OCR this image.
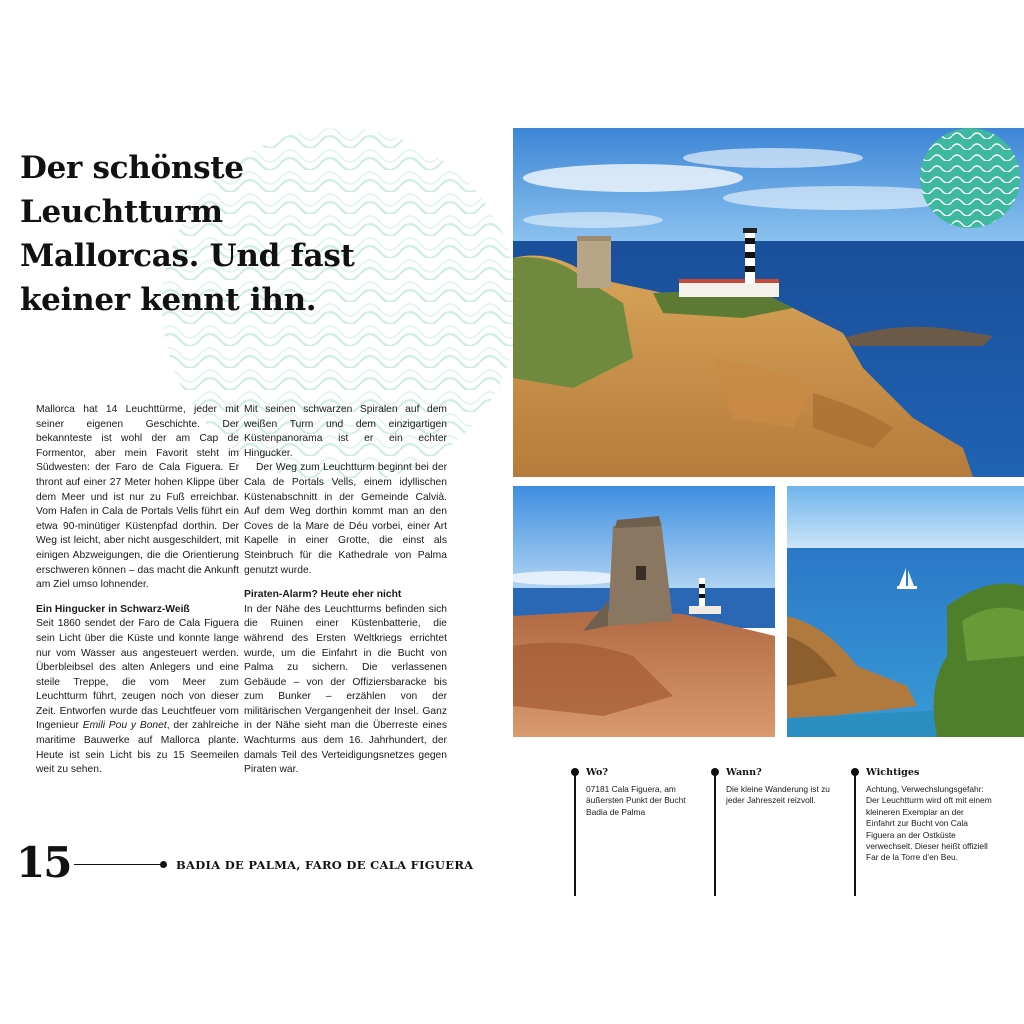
Der schönste
Leuchtturm
Mallorcas. Und fast
keiner kennt ihn.

Mallorca hat 14 Leuchttürme, jeder mit seiner eigenen Geschichte. Der bekannteste ist wohl der am Cap de Formentor, aber mein Favorit steht im Südwesten: der Faro de Cala Figuera. Er thront auf einer 27 Meter hohen Klippe über dem Meer und ist nur zu Fuß erreichbar. Vom Hafen in Cala de Portals Vells führt ein etwa 90-minütiger Küstenpfad dorthin. Der Weg ist leicht, aber nicht ausgeschildert, mit einigen Abzweigungen, die die Orientierung erschweren können – das macht die Ankunft am Ziel umso lohnender.

Ein Hingucker in Schwarz-Weiß

Seit 1860 sendet der Faro de Cala Figuera sein Licht über die Küste und konnte lange nur vom Wasser aus angesteuert werden. Überbleibsel des alten Anlegers und eine steile Treppe, die vom Meer zum Leuchtturm führt, zeugen noch von dieser Zeit. Entworfen wurde das Leuchtfeuer vom Ingenieur Emili Pou y Bonet, der zahlreiche maritime Bauwerke auf Mallorca plante. Heute ist sein Licht bis zu 15 Seemeilen weit zu sehen.

Mit seinen schwarzen Spiralen auf dem weißen Turm und dem einzigartigen Küstenpanorama ist er ein echter Hingucker.

Der Weg zum Leuchtturm beginnt bei der Cala de Portals Vells, einem idyllischen Küstenabschnitt in der Gemeinde Calvià. Auf dem Weg dorthin kommt man an den Coves de la Mare de Déu vorbei, einer Art Kapelle in einer Grotte, die einst als Steinbruch für die Kathedrale von Palma genutzt wurde.

Piraten-Alarm? Heute eher nicht

In der Nähe des Leuchtturms befinden sich die Ruinen einer Küstenbatterie, die während des Ersten Weltkriegs errichtet wurde, um die Einfahrt in die Bucht von Palma zu sichern. Die verlassenen Gebäude – von der Offiziersbaracke bis zum Bunker – erzählen von der militärischen Vergangenheit der Insel. Ganz in der Nähe sieht man die Überreste eines Wachturms aus dem 16. Jahrhundert, der damals Teil des Verteidigungsnetzes gegen Piraten war.

15	BADIA DE PALMA, FARO DE CALA FIGUERA
Wo?
07181 Cala Figuera, am äußersten Punkt der Bucht Badia de Palma
Wann?
Die kleine Wanderung ist zu jeder Jahreszeit reizvoll.
Wichtiges
Achtung, Verwechslungsgefahr: Der Leuchtturm wird oft mit einem kleineren Exemplar an der Einfahrt zur Bucht von Cala Figuera an der Ostküste verwechselt. Dieser heißt offiziell Far de la Torre d’en Beu.
